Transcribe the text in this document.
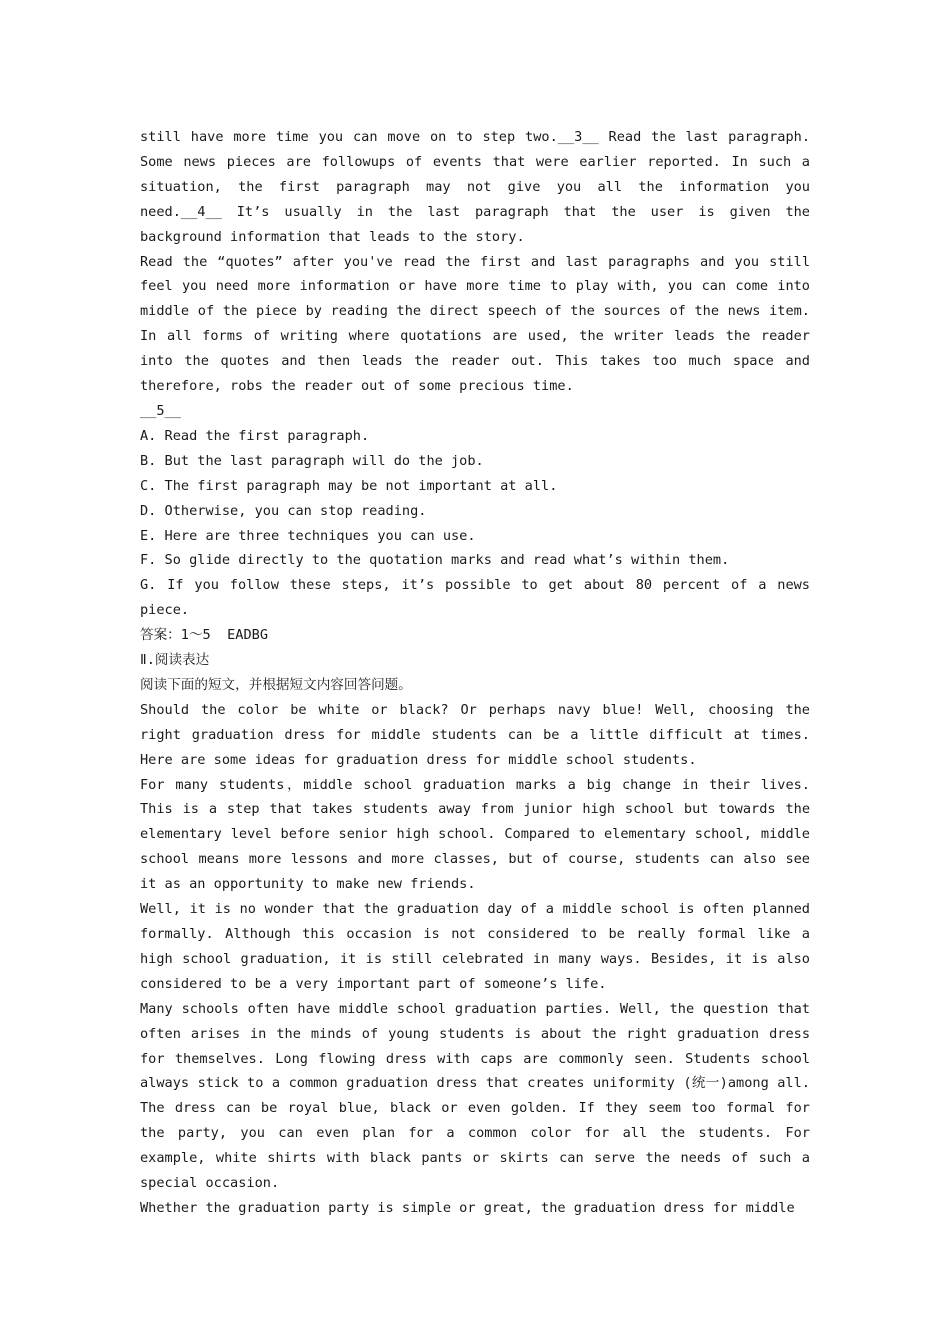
still have more time you can move on to step two.__3__ Read the last paragraph. Some news pieces are followups of events that were earlier reported. In such a situation, the first paragraph may not give you all the information you need.__4__ It’s usually in the last paragraph that the user is given the background information that leads to the story.

Read the “quotes” after you've read the first and last paragraphs and you still feel you need more information or have more time to play with, you can come into middle of the piece by reading the direct speech of the sources of the news item. In all forms of writing where quotations are used, the writer leads the reader into the quotes and then leads the reader out. This takes too much space and therefore, robs the reader out of some precious time.

__5__

A. Read the first paragraph.

B. But the last paragraph will do the job.

C. The first paragraph may be not important at all.

D. Otherwise, you can stop reading.

E. Here are three techniques you can use.

F. So glide directly to the quotation marks and read what’s within them.

G. If you follow these steps, it’s possible to get about 80 percent of a news piece.

答案：1～5  EADBG

Ⅱ.阅读表达

阅读下面的短文，并根据短文内容回答问题。

Should the color be white or black? Or perhaps navy blue! Well, choosing the right graduation dress for middle students can be a little difficult at times. Here are some ideas for graduation dress for middle school students.

For many students，middle school graduation marks a big change in their lives. This is a step that takes students away from junior high school but towards the elementary level before senior high school. Compared to elementary school, middle school means more lessons and more classes, but of course, students can also see it as an opportunity to make new friends.

Well, it is no wonder that the graduation day of a middle school is often planned formally. Although this occasion is not considered to be really formal like a high school graduation, it is still celebrated in many ways. Besides, it is also considered to be a very important part of someone’s life.

Many schools often have middle school graduation parties. Well, the question that often arises in the minds of young students is about the right graduation dress for themselves. Long flowing dress with caps are commonly seen. Students school always stick to a common graduation dress that creates uniformity (统一)among all. The dress can be royal blue, black or even golden. If they seem too formal for the party, you can even plan for a common color for all the students. For example, white shirts with black pants or skirts can serve the needs of such a special occasion.

Whether the graduation party is simple or great, the graduation dress for middle
